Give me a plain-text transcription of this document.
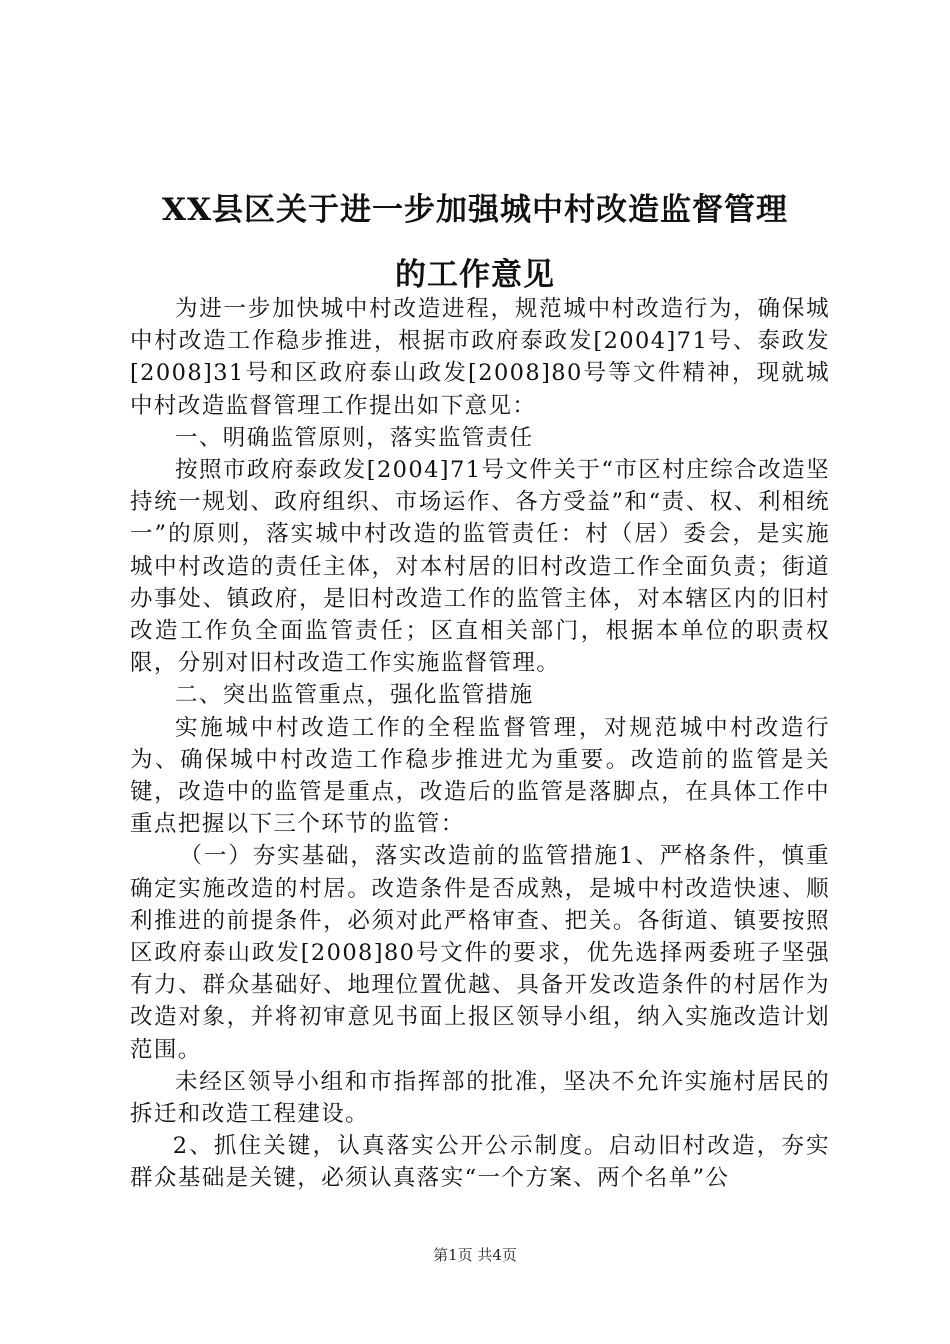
XX县区关于进一步加强城中村改造监督管理
的工作意见

为进一步加快城中村改造进程，规范城中村改造行为，确保城中村改造工作稳步推进，根据市政府泰政发[2004]71号、泰政发[2008]31号和区政府泰山政发[2008]80号等文件精神，现就城中村改造监督管理工作提出如下意见：

一、明确监管原则，落实监管责任

按照市政府泰政发[2004]71号文件关于“市区村庄综合改造坚持统一规划、政府组织、市场运作、各方受益”和“责、权、利相统一”的原则，落实城中村改造的监管责任：村（居）委会，是实施城中村改造的责任主体，对本村居的旧村改造工作全面负责；街道办事处、镇政府，是旧村改造工作的监管主体，对本辖区内的旧村改造工作负全面监管责任；区直相关部门，根据本单位的职责权限，分别对旧村改造工作实施监督管理。

二、突出监管重点，强化监管措施

实施城中村改造工作的全程监督管理，对规范城中村改造行为、确保城中村改造工作稳步推进尤为重要。改造前的监管是关键，改造中的监管是重点，改造后的监管是落脚点，在具体工作中重点把握以下三个环节的监管：

（一）夯实基础，落实改造前的监管措施1、严格条件，慎重确定实施改造的村居。改造条件是否成熟，是城中村改造快速、顺利推进的前提条件，必须对此严格审查、把关。各街道、镇要按照区政府泰山政发[2008]80号文件的要求，优先选择两委班子坚强有力、群众基础好、地理位置优越、具备开发改造条件的村居作为改造对象，并将初审意见书面上报区领导小组，纳入实施改造计划范围。

未经区领导小组和市指挥部的批准，坚决不允许实施村居民的拆迁和改造工程建设。

2、抓住关键，认真落实公开公示制度。启动旧村改造，夯实群众基础是关键，必须认真落实“一个方案、两个名单”公

第1页 共4页
